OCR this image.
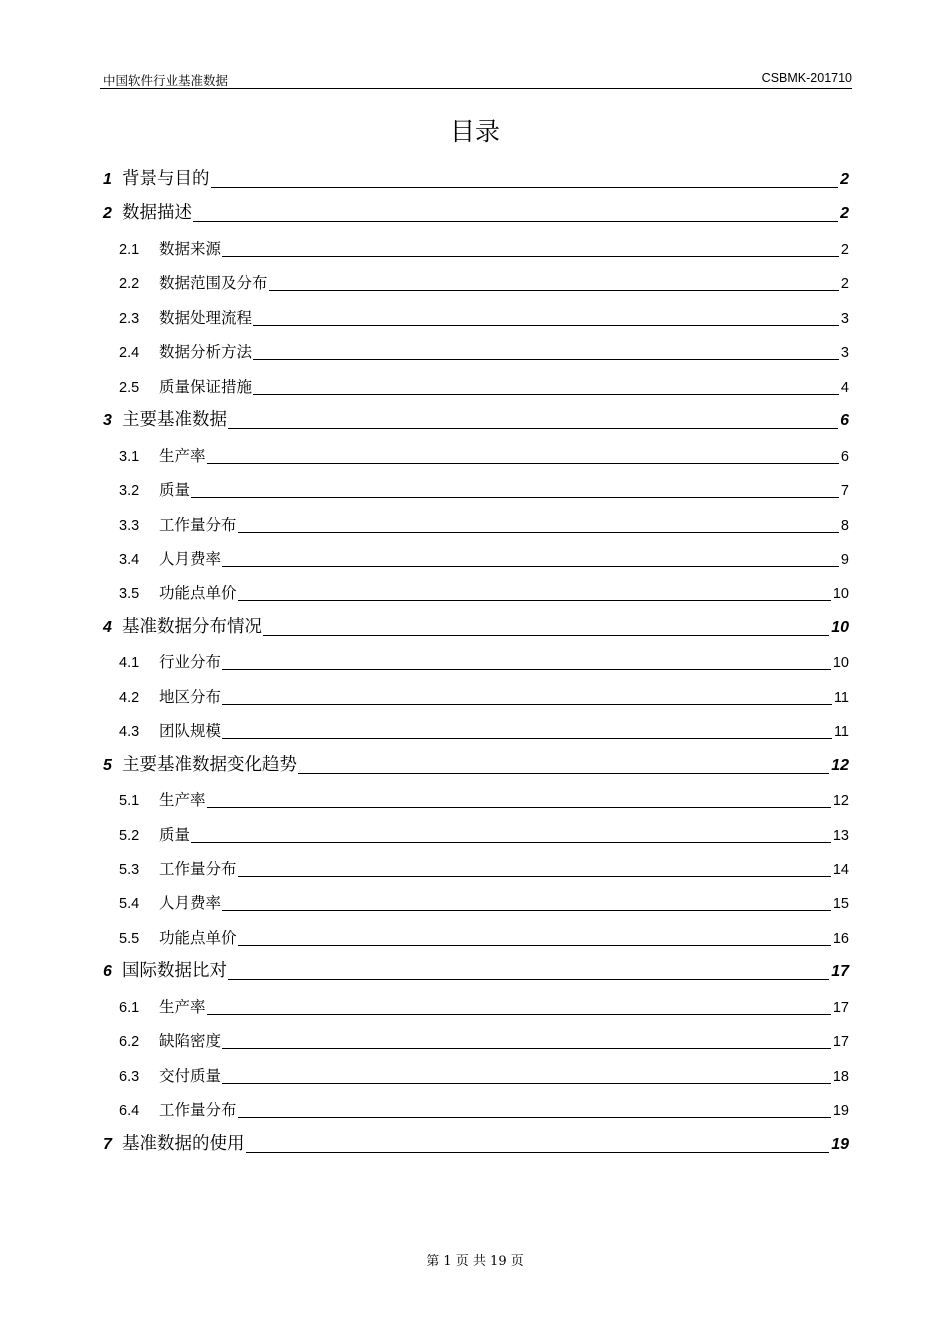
中国软件行业基准数据	CSBMK-201710
目录
1 背景与目的	2
2 数据描述	2
2.1 数据来源	2
2.2 数据范围及分布	2
2.3 数据处理流程	3
2.4 数据分析方法	3
2.5 质量保证措施	4
3 主要基准数据	6
3.1 生产率	6
3.2 质量	7
3.3 工作量分布	8
3.4 人月费率	9
3.5 功能点单价	10
4 基准数据分布情况	10
4.1 行业分布	10
4.2 地区分布	11
4.3 团队规模	11
5 主要基准数据变化趋势	12
5.1 生产率	12
5.2 质量	13
5.3 工作量分布	14
5.4 人月费率	15
5.5 功能点单价	16
6 国际数据比对	17
6.1 生产率	17
6.2 缺陷密度	17
6.3 交付质量	18
6.4 工作量分布	19
7 基准数据的使用	19
第 1 页 共 19 页
